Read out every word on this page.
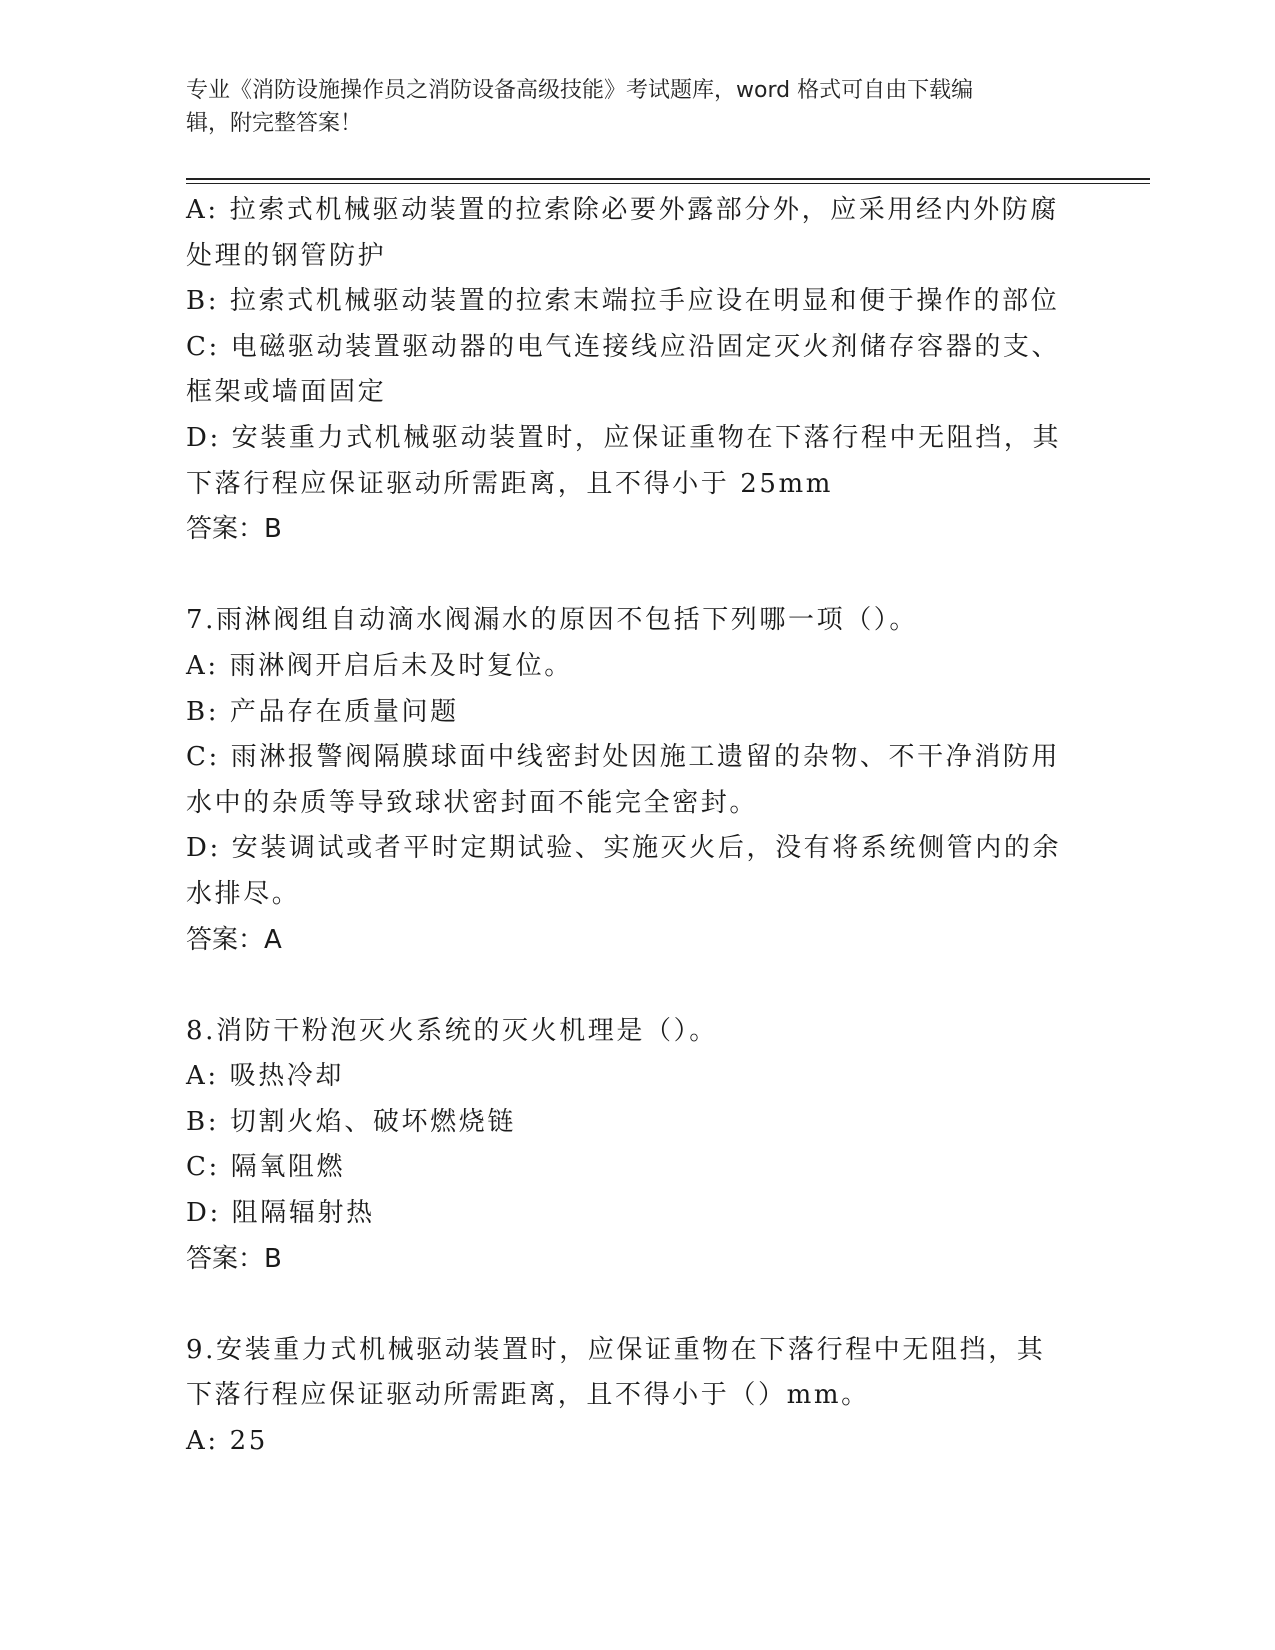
专业《消防设施操作员之消防设备高级技能》考试题库，word 格式可自由下载编
辑，附完整答案！

A: 拉索式机械驱动装置的拉索除必要外露部分外，应采用经内外防腐

处理的钢管防护

B: 拉索式机械驱动装置的拉索末端拉手应设在明显和便于操作的部位

C: 电磁驱动装置驱动器的电气连接线应沿固定灭火剂储存容器的支、

框架或墙面固定

D: 安装重力式机械驱动装置时，应保证重物在下落行程中无阻挡，其

下落行程应保证驱动所需距离，且不得小于 25mm

答案：B

7.雨淋阀组自动滴水阀漏水的原因不包括下列哪一项（）。

A: 雨淋阀开启后未及时复位。

B: 产品存在质量问题

C: 雨淋报警阀隔膜球面中线密封处因施工遗留的杂物、不干净消防用

水中的杂质等导致球状密封面不能完全密封。

D: 安装调试或者平时定期试验、实施灭火后，没有将系统侧管内的余

水排尽。

答案：A

8.消防干粉泡灭火系统的灭火机理是（）。

A: 吸热冷却

B: 切割火焰、破坏燃烧链

C: 隔氧阻燃

D: 阻隔辐射热

答案：B

9.安装重力式机械驱动装置时，应保证重物在下落行程中无阻挡，其

下落行程应保证驱动所需距离，且不得小于（）mm。

A: 25
